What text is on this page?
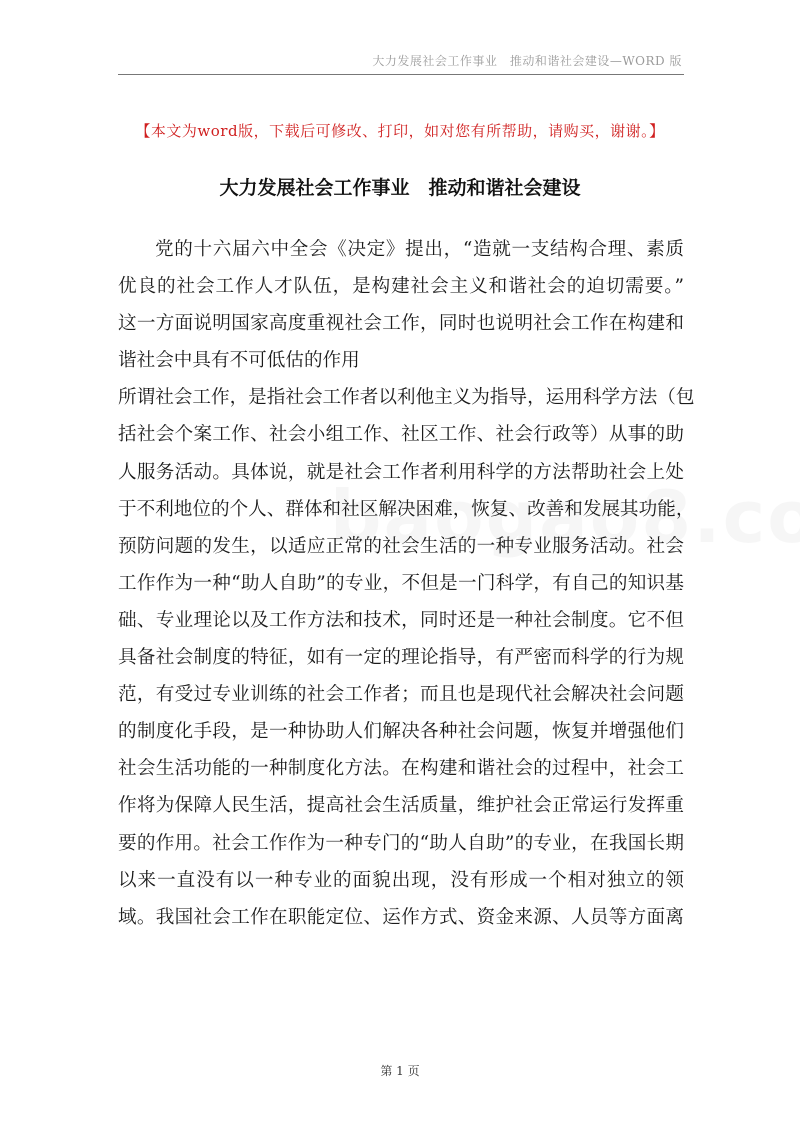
大力发展社会工作事业　推动和谐社会建设—WORD 版
【本文为word版，下载后可修改、打印，如对您有所帮助，请购买，谢谢。】
大力发展社会工作事业　推动和谐社会建设
党的十六届六中全会《决定》提出，“造就一支结构合理、素质
优良的社会工作人才队伍，是构建社会主义和谐社会的迫切需要。”
这一方面说明国家高度重视社会工作，同时也说明社会工作在构建和
谐社会中具有不可低估的作用
所谓社会工作，是指社会工作者以利他主义为指导，运用科学方法（包
括社会个案工作、社会小组工作、社区工作、社会行政等）从事的助
人服务活动。具体说，就是社会工作者利用科学的方法帮助社会上处
于不利地位的个人、群体和社区解决困难，恢复、改善和发展其功能，
预防问题的发生，以适应正常的社会生活的一种专业服务活动。社会
工作作为一种“助人自助”的专业，不但是一门科学，有自己的知识基
础、专业理论以及工作方法和技术，同时还是一种社会制度。它不但
具备社会制度的特征，如有一定的理论指导，有严密而科学的行为规
范，有受过专业训练的社会工作者；而且也是现代社会解决社会问题
的制度化手段，是一种协助人们解决各种社会问题，恢复并增强他们
社会生活功能的一种制度化方法。在构建和谐社会的过程中，社会工
作将为保障人民生活，提高社会生活质量，维护社会正常运行发挥重
要的作用。社会工作作为一种专门的“助人自助”的专业，在我国长期
以来一直没有以一种专业的面貌出现，没有形成一个相对独立的领
域。我国社会工作在职能定位、运作方式、资金来源、人员等方面离
第 1 页
